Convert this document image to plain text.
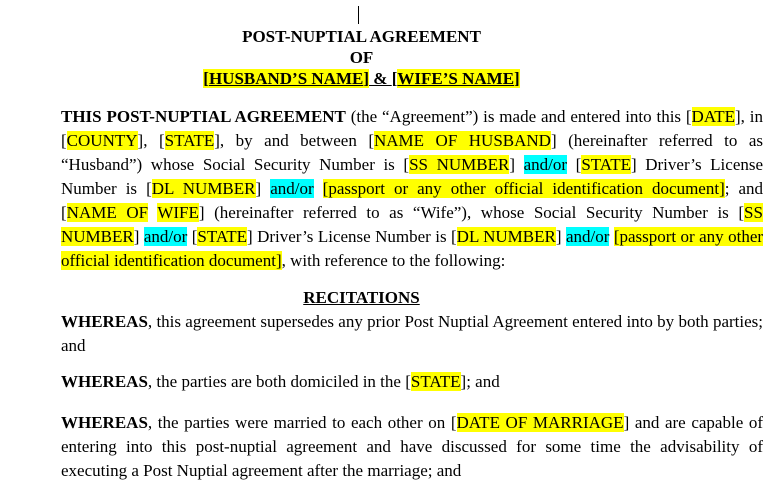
POST-NUPTIAL AGREEMENT
OF
[HUSBAND’S NAME] & [WIFE’S NAME]
THIS POST-NUPTIAL AGREEMENT (the “Agreement”) is made and entered into this [DATE], in [COUNTY], [STATE], by and between [NAME OF HUSBAND] (hereinafter referred to as “Husband”) whose Social Security Number is [SS NUMBER] and/or [STATE] Driver’s License Number is [DL NUMBER] and/or [passport or any other official identification document]; and [NAME OF WIFE] (hereinafter referred to as “Wife”), whose Social Security Number is [SS NUMBER] and/or [STATE] Driver’s License Number is [DL NUMBER] and/or [passport or any other official identification document], with reference to the following:
RECITATIONS
WHEREAS, this agreement supersedes any prior Post Nuptial Agreement entered into by both parties; and
WHEREAS, the parties are both domiciled in the [STATE]; and
WHEREAS, the parties were married to each other on [DATE OF MARRIAGE] and are capable of entering into this post-nuptial agreement and have discussed for some time the advisability of executing a Post Nuptial agreement after the marriage; and
